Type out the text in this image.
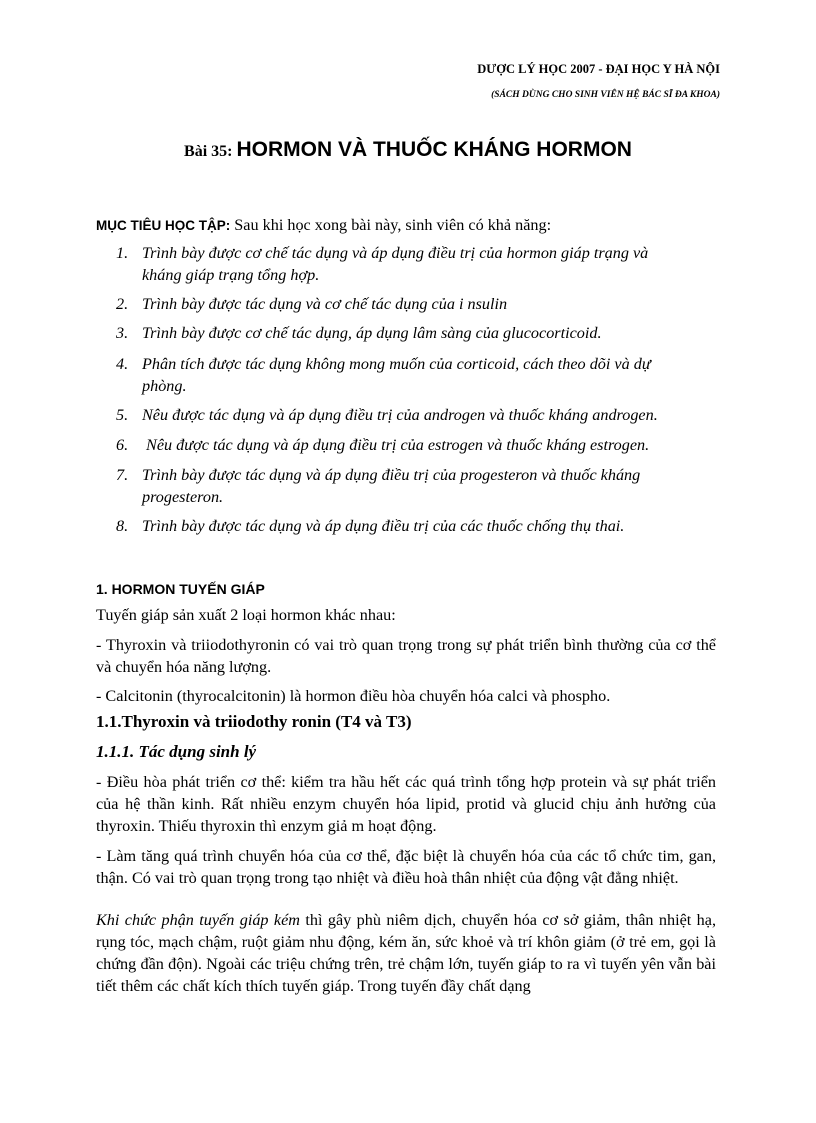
DƯỢC LÝ HỌC 2007 - ĐẠI HỌC Y HÀ NỘI
(SÁCH DÙNG CHO SINH VIÊN HỆ BÁC SĨ ĐA KHOA)
Bài 35: HORMON VÀ THUỐC KHÁNG HORMON
MỤC TIÊU HỌC TẬP: Sau khi học xong bài này, sinh viên có khả năng:
1. Trình bày được cơ chế tác dụng và áp dụng điều trị của hormon giáp trạng và
kháng giáp trạng tổng hợp.
2. Trình bày được tác dụng và cơ chế tác dụng của i nsulin
3. Trình bày được cơ chế tác dụng, áp dụng lâm sàng của glucocorticoid.
4. Phân tích được tác dụng không mong muốn của corticoid, cách theo dõi và dự
phòng.
5. Nêu được tác dụng và áp dụng điều trị của androgen và thuốc kháng androgen.
6. Nêu được tác dụng và áp dụng điều trị của estrogen và thuốc kháng estrogen.
7. Trình bày được tác dụng và áp dụng điều trị của progesteron và thuốc kháng
progesteron.
8. Trình bày được tác dụng và áp dụng điều trị của các thuốc chống thụ thai.
1. HORMON TUYẾN GIÁP
Tuyến giáp sản xuất 2 loại hormon khác nhau:
- Thyroxin và triiodothyronin có vai trò quan trọng trong sự phát triển bình thường của cơ thể và chuyển hóa năng lượng.
- Calcitonin (thyrocalcitonin) là hormon điều hòa chuyển hóa calci và phospho.
1.1.Thyroxin và triiodothy ronin (T4 và T3)
1.1.1. Tác dụng sinh lý
- Điều hòa phát triển cơ thể: kiểm tra hầu hết các quá trình tổng hợp protein và sự phát triển của hệ thần kinh. Rất nhiều enzym chuyển hóa lipid, protid và glucid chịu ảnh hưởng của thyroxin. Thiếu thyroxin thì enzym giả m hoạt động.
- Làm tăng quá trình chuyển hóa của cơ thể, đặc biệt là chuyển hóa của các tổ chức tim, gan, thận. Có vai trò quan trọng trong tạo nhiệt và điều hoà thân nhiệt của động vật đẳng nhiệt.
Khi chức phận tuyến giáp kém thì gây phù niêm dịch, chuyển hóa cơ sở giảm, thân nhiệt hạ, rụng tóc, mạch chậm, ruột giảm nhu động, kém ăn, sức khoẻ và trí khôn giảm (ở trẻ em, gọi là chứng đần độn). Ngoài các triệu chứng trên, trẻ chậm lớn, tuyến giáp to ra vì tuyến yên vẫn bài tiết thêm các chất kích thích tuyến giáp. Trong tuyến đầy chất dạng
